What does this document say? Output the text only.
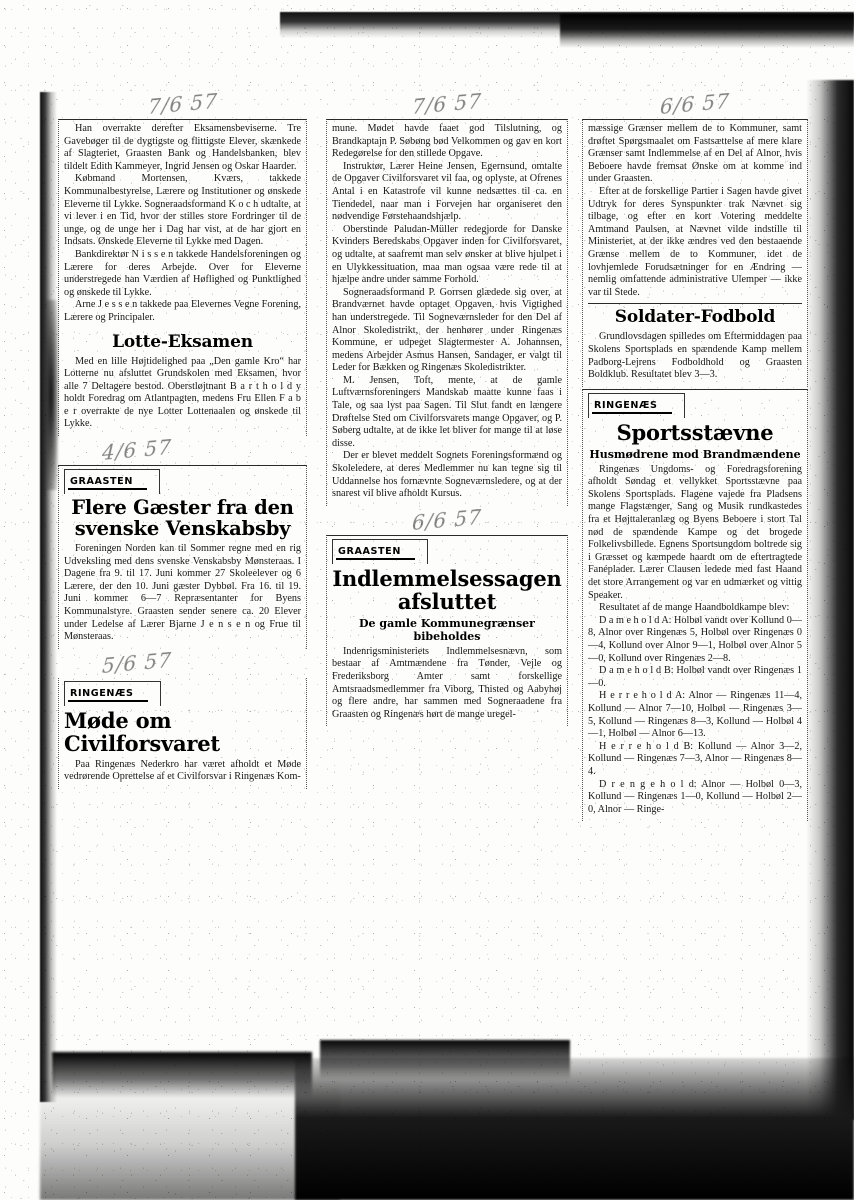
7/6 57

Han overrakte derefter Eksamensbeviserne. Tre Gavebøger til de dygtigste og flittigste Elever, skænkede af Slagteriet, Graasten Bank og Handelsbanken, blev tildelt Edith Kammeyer, Ingrid Jensen og Oskar Haarder.

Købmand Mortensen, Kværs, takkede Kommunalbestyrelse, Lærere og Institutioner og ønskede Eleverne til Lykke. Sogneraadsformand K o c h udtalte, at vi lever i en Tid, hvor der stilles store Fordringer til de unge, og de unge her i Dag har vist, at de har gjort en Indsats. Ønskede Eleverne til Lykke med Dagen.

Bankdirektør N i s s e n takkede Handelsforeningen og Lærere for deres Arbejde. Over for Eleverne understregede han Værdien af Høflighed og Punktlighed og ønskede til Lykke.

Arne J e s s e n takkede paa Elevernes Vegne Forening, Lærere og Principaler.

Lotte-Eksamen

Med en lille Højtidelighed paa „Den gamle Kro“ har Lotterne nu afsluttet Grundskolen med Eksamen, hvor alle 7 Deltagere bestod. Oberstløjtnant B a r t h o l d y holdt Foredrag om Atlantpagten, medens Fru Ellen F a b e r overrakte de nye Lotter Lottenaalen og ønskede til Lykke.

4/6 57
GRAASTEN
Flere Gæster fra den svenske Venskabsby

Foreningen Norden kan til Sommer regne med en rig Udveksling med dens svenske Venskabsby Mønsteraas. I Dagene fra 9. til 17. Juni kommer 27 Skoleelever og 6 Lærere, der den 10. Juni gæster Dybbøl. Fra 16. til 19. Juni kommer 6—7 Repræsentanter for Byens Kommunalstyre. Graasten sender senere ca. 20 Elever under Ledelse af Lærer Bjarne J e n s e n og Frue til Mønsteraas.

5/6 57
RINGENÆS
Møde om Civilforsvaret

Paa Ringenæs Nederkro har været afholdt et Møde vedrørende Oprettelse af et Civilforsvar i Ringenæs Kom-

7/6 57

mune. Mødet havde faaet god Tilslutning, og Brandkaptajn P. Søbøng bød Velkommen og gav en kort Redegørelse for den stillede Opgave.

Instruktør, Lærer Heine Jensen, Egernsund, omtalte de Opgaver Civilforsvaret vil faa, og oplyste, at Ofrenes Antal i en Katastrofe vil kunne nedsættes til ca. en Tiendedel, naar man i Forvejen har organiseret den nødvendige Førstehaandshjælp.

Oberstinde Paludan-Müller redegjorde for Danske Kvinders Beredskabs Opgaver inden for Civilforsvaret, og udtalte, at saafremt man selv ønsker at blive hjulpet i en Ulykkessituation, maa man ogsaa være rede til at hjælpe andre under samme Forhold.

Sogneraadsformand P. Gorrsen glædede sig over, at Brandværnet havde optaget Opgaven, hvis Vigtighed han understregede. Til Sogneværnsleder for den Del af Alnor Skoledistrikt, der henhører under Ringenæs Kommune, er udpeget Slagtermester A. Johannsen, medens Arbejder Asmus Hansen, Sandager, er valgt til Leder for Bækken og Ringenæs Skoledistrikter.

M. Jensen, Toft, mente, at de gamle Luftværnsforeningers Mandskab maatte kunne faas i Tale, og saa lyst paa Sagen. Til Slut fandt en længere Drøftelse Sted om Civilforsvarets mange Opgaver, og P. Søberg udtalte, at de ikke let bliver for mange til at løse disse.

Der er blevet meddelt Sognets Foreningsformænd og Skoleledere, at deres Medlemmer nu kan tegne sig til Uddannelse hos fornævnte Sogneværnsledere, og at der snarest vil blive afholdt Kursus.

6/6 57
GRAASTEN
Indlemmelsessagen afsluttet
De gamle Kommunegrænser bibeholdes

Indenrigsministeriets Indlemmelsesnævn, som bestaar af Amtmændene fra Tønder, Vejle og Frederiksborg Amter samt forskellige Amtsraadsmedlemmer fra Viborg, Thisted og Aabyhøj og flere andre, har sammen med Sogneraadene fra Graasten og Ringenæs hørt de mange uregel-

6/6 57

mæssige Grænser mellem de to Kommuner, samt drøftet Spørgsmaalet om Fastsættelse af mere klare Grænser samt Indlemmelse af en Del af Alnor, hvis Beboere havde fremsat Ønske om at komme ind under Graasten.

Efter at de forskellige Partier i Sagen havde givet Udtryk for deres Synspunkter trak Nævnet sig tilbage, og efter en kort Votering meddelte Amtmand Paulsen, at Nævnet vilde indstille til Ministeriet, at der ikke ændres ved den bestaaende Grænse mellem de to Kommuner, idet de lovhjemlede Forudsætninger for en Ændring — nemlig omfattende administrative Ulemper — ikke var til Stede.

Soldater-Fodbold

Grundlovsdagen spilledes om Eftermiddagen paa Skolens Sportsplads en spændende Kamp mellem Padborg-Lejrens Fodboldhold og Graasten Boldklub. Resultatet blev 3—3.

RINGENÆS
Sportsstævne
Husmødrene mod Brandmændene

Ringenæs Ungdoms- og Foredragsforening afholdt Søndag et vellykket Sportsstævne paa Skolens Sportsplads. Flagene vajede fra Pladsens mange Flagstænger, Sang og Musik rundkastedes fra et Højttaleranlæg og Byens Beboere i stort Tal nød de spændende Kampe og det brogede Folkelivsbillede. Egnens Sportsungdom boltrede sig i Græsset og kæmpede haardt om de eftertragtede Fanéplader. Lærer Clausen ledede med fast Haand det store Arrangement og var en udmærket og vittig Speaker.

Resultatet af de mange Haandboldkampe blev:

D a m e h o l d A: Holbøl vandt over Kollund 0—8, Alnor over Ringenæs 5, Holbøl over Ringenæs 0—4, Kollund over Alnor 9—1, Holbøl over Alnor 5—0, Kollund over Ringenæs 2—8.

D a m e h o l d B: Holbøl vandt over Ringenæs 1—0.

H e r r e h o l d A: Alnor — Ringenæs 11—4, Kollund — Alnor 7—10, Holbøl — Ringenæs 3—5, Kollund — Ringenæs 8—3, Kollund — Holbøl 4—1, Holbøl — Alnor 6—13.

H e r r e h o l d B: Kollund — Alnor 3—2, Kollund — Ringenæs 7—3, Alnor — Ringenæs 8—4.

D r e n g e h o l d: Alnor — Holbøl 0—3, Kollund — Ringenæs 1—0, Kollund — Holbøl 2—0, Alnor — Ringe-
